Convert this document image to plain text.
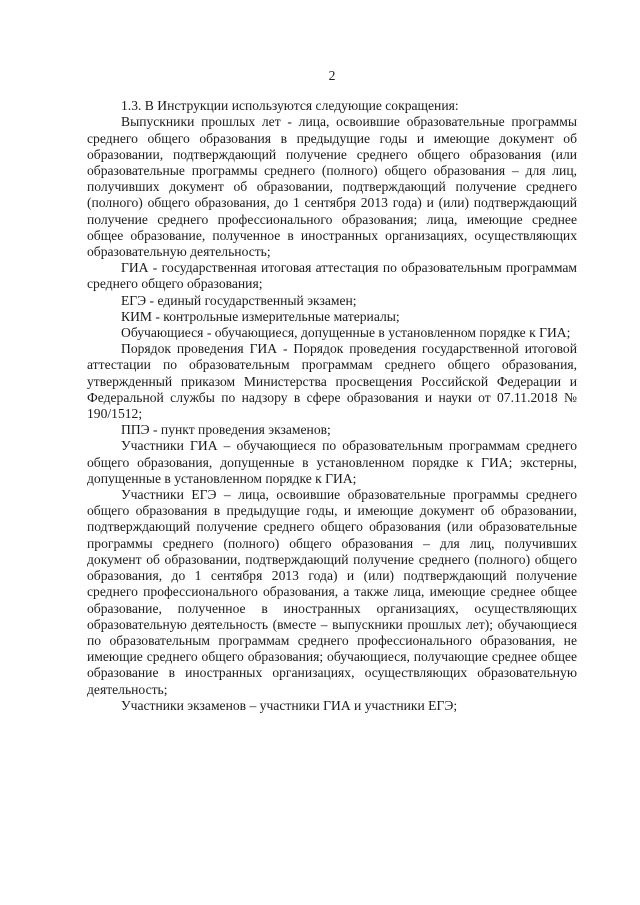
2

1.3. В Инструкции используются следующие сокращения:

Выпускники прошлых лет - лица, освоившие образовательные программы среднего общего образования в предыдущие годы и имеющие документ об образовании, подтверждающий получение среднего общего образования (или образовательные программы среднего (полного) общего образования – для лиц, получивших документ об образовании, подтверждающий получение среднего (полного) общего образования, до 1 сентября 2013 года) и (или) подтверждающий получение среднего профессионального образования; лица, имеющие среднее общее образование, полученное в иностранных организациях, осуществляющих образовательную деятельность;

ГИА - государственная итоговая аттестация по образовательным программам среднего общего образования;

ЕГЭ - единый государственный экзамен;

КИМ - контрольные измерительные материалы;

Обучающиеся - обучающиеся, допущенные в установленном порядке к ГИА;

Порядок проведения ГИА - Порядок проведения государственной итоговой аттестации по образовательным программам среднего общего образования, утвержденный приказом Министерства просвещения Российской Федерации и Федеральной службы по надзору в сфере образования и науки от 07.11.2018 № 190/1512;

ППЭ - пункт проведения экзаменов;

Участники ГИА – обучающиеся по образовательным программам среднего общего образования, допущенные в установленном порядке к ГИА; экстерны, допущенные в установленном порядке к ГИА;

Участники ЕГЭ – лица, освоившие образовательные программы среднего общего образования в предыдущие годы, и имеющие документ об образовании, подтверждающий получение среднего общего образования (или образовательные программы среднего (полного) общего образования – для лиц, получивших документ об образовании, подтверждающий получение среднего (полного) общего образования, до 1 сентября 2013 года) и (или) подтверждающий получение среднего профессионального образования, а также лица, имеющие среднее общее образование, полученное в иностранных организациях, осуществляющих образовательную деятельность (вместе – выпускники прошлых лет); обучающиеся по образовательным программам среднего профессионального образования, не имеющие среднего общего образования; обучающиеся, получающие среднее общее образование в иностранных организациях, осуществляющих образовательную деятельность;

Участники экзаменов – участники ГИА и участники ЕГЭ;
